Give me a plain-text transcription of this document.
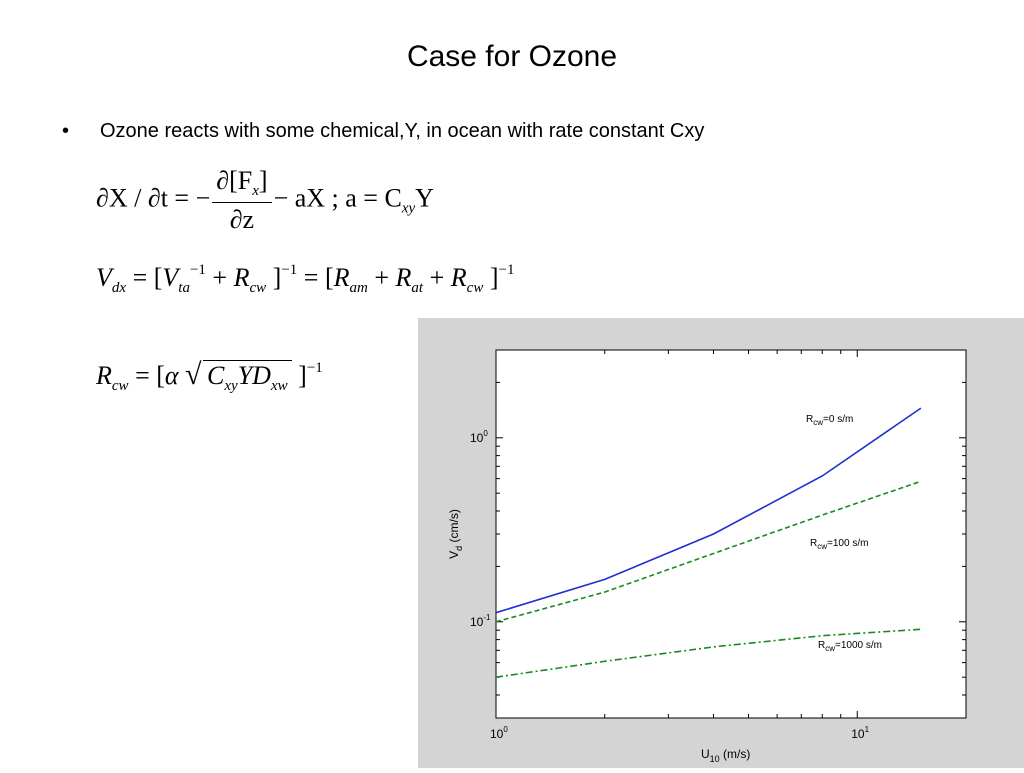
Case for Ozone
•	Ozone reacts with some chemical,Y, in ocean with rate constant Cxy
∂X / ∂t = − $\frac{\partial[F_x]}{\partial z}$ − aX ; $a = C_{xy}Y$
$V_{dx} = [V_{ta}^{-1} + R_{cw}$ ]$^{-1} = [R_{am} + R_{at} + R_{cw}$ ]$^{-1}$
$R_{cw} = [\alpha$ √ $C_{xy}YD_{xw}$ ]$^{-1}$
$10^0$	$10^1$
$10^{-1}$
$10^0$
$R_{cw}=0$ s/m
$R_{cw}=100$ s/m
$R_{cw}=1000$ s/m
$U_{10}$ (m/s)
$V_d$ (cm/s)
